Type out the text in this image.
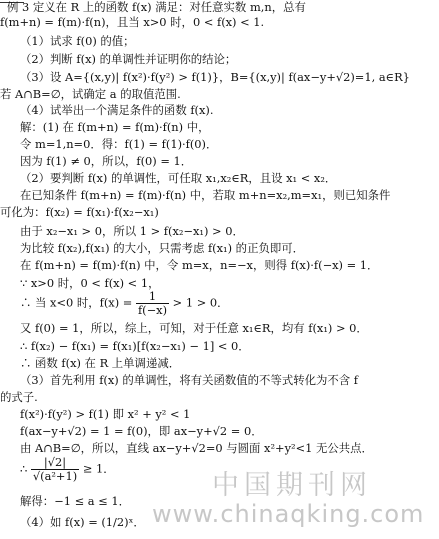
例 3 定义在 R 上的函数 f(x) 满足：对任意实数 m,n，总有
f(m+n) = f(m)·f(n)，且当 x>0 时，0 < f(x) < 1.
（1）试求 f(0) 的值；
（2）判断 f(x) 的单调性并证明你的结论；
（3）设 A={(x,y)| f(x²)·f(y²) > f(1)}，B={(x,y)| f(ax−y+√2)=1, a∈R}
若 A∩B=∅，试确定 a 的取值范围.
（4）试举出一个满足条件的函数 f(x).
解：(1) 在 f(m+n) = f(m)·f(n) 中，
令 m=1,n=0．得：f(1) = f(1)·f(0)．
因为 f(1) ≠ 0，所以，f(0) = 1．
（2）要判断 f(x) 的单调性，可任取 x₁,x₂∈R，且设 x₁ < x₂．
在已知条件 f(m+n) = f(m)·f(n) 中，若取 m+n=x₂,m=x₁，则已知条件
可化为：f(x₂) = f(x₁)·f(x₂−x₁)
由于 x₂−x₁ > 0，所以 1 > f(x₂−x₁) > 0．
为比较 f(x₂),f(x₁) 的大小，只需考虑 f(x₁) 的正负即可．
在 f(m+n) = f(m)·f(n) 中，令 m=x，n=−x，则得 f(x)·f(−x) = 1．
∵ x>0 时，0 < f(x) < 1，
∴ 当 x<0 时，$f(x) = \frac{1}{f(-x)} > 1 > 0$．
又 f(0) = 1，所以，综上，可知，对于任意 x₁∈R，均有 f(x₁) > 0．
∴ f(x₂) − f(x₁) = f(x₁)[f(x₂−x₁) − 1] < 0．
∴ 函数 f(x) 在 R 上单调递减．
（3）首先利用 f(x) 的单调性，将有关函数值的不等式转化为不含 f
的式子.
f(x²)·f(y²) > f(1) 即 x² + y² < 1
f(ax−y+√2) = 1 = f(0)，即 ax−y+√2 = 0．
由 A∩B=∅，所以，直线 ax−y+√2=0 与圆面 x²+y²<1 无公共点．
∴ $\frac{|√2|}{\text{√(a²+1)}} \ge 1$．
解得：−1 ≤ a ≤ 1．
（4）如 f(x) = (1/2)ˣ．
中国期刊网
www.chinaqking.com
